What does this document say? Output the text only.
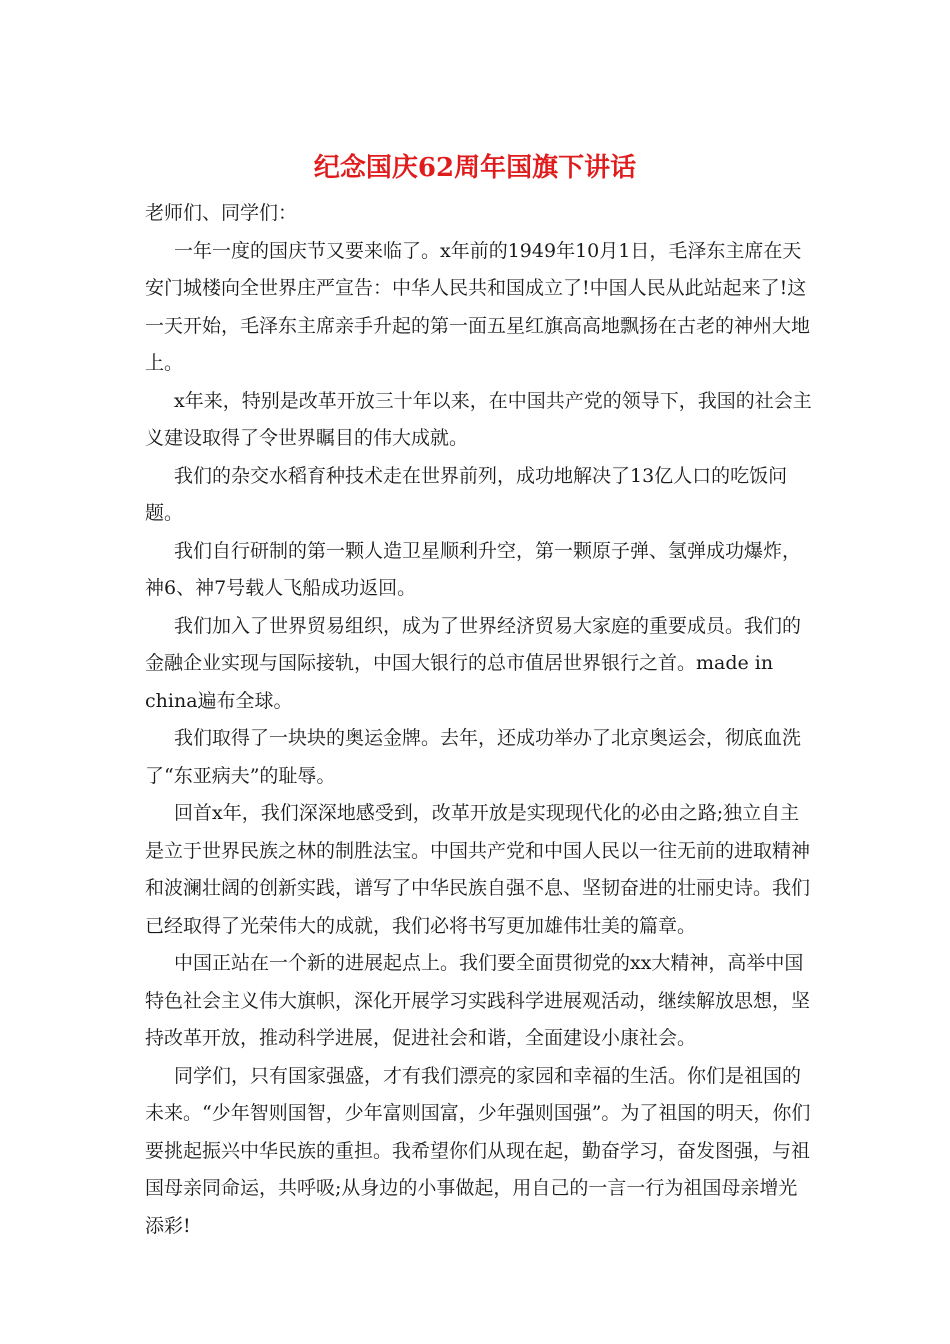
纪念国庆62周年国旗下讲话

老师们、同学们：

一年一度的国庆节又要来临了。x年前的1949年10月1日，毛泽东主席在天安门城楼向全世界庄严宣告：中华人民共和国成立了!中国人民从此站起来了!这一天开始，毛泽东主席亲手升起的第一面五星红旗高高地飘扬在古老的神州大地上。

x年来，特别是改革开放三十年以来，在中国共产党的领导下，我国的社会主义建设取得了令世界瞩目的伟大成就。

我们的杂交水稻育种技术走在世界前列，成功地解决了13亿人口的吃饭问题。

我们自行研制的第一颗人造卫星顺利升空，第一颗原子弹、氢弹成功爆炸，神6、神7号载人飞船成功返回。

我们加入了世界贸易组织，成为了世界经济贸易大家庭的重要成员。我们的金融企业实现与国际接轨，中国大银行的总市值居世界银行之首。made in china遍布全球。

我们取得了一块块的奥运金牌。去年，还成功举办了北京奥运会，彻底血洗了“东亚病夫”的耻辱。

回首x年，我们深深地感受到，改革开放是实现现代化的必由之路;独立自主是立于世界民族之林的制胜法宝。中国共产党和中国人民以一往无前的进取精神和波澜壮阔的创新实践，谱写了中华民族自强不息、坚韧奋进的壮丽史诗。我们已经取得了光荣伟大的成就，我们必将书写更加雄伟壮美的篇章。

中国正站在一个新的进展起点上。我们要全面贯彻党的xx大精神，高举中国特色社会主义伟大旗帜，深化开展学习实践科学进展观活动，继续解放思想，坚持改革开放，推动科学进展，促进社会和谐，全面建设小康社会。

同学们，只有国家强盛，才有我们漂亮的家园和幸福的生活。你们是祖国的未来。“少年智则国智，少年富则国富，少年强则国强”。为了祖国的明天，你们要挑起振兴中华民族的重担。我希望你们从现在起，勤奋学习，奋发图强，与祖国母亲同命运，共呼吸;从身边的小事做起，用自己的一言一行为祖国母亲增光添彩!
